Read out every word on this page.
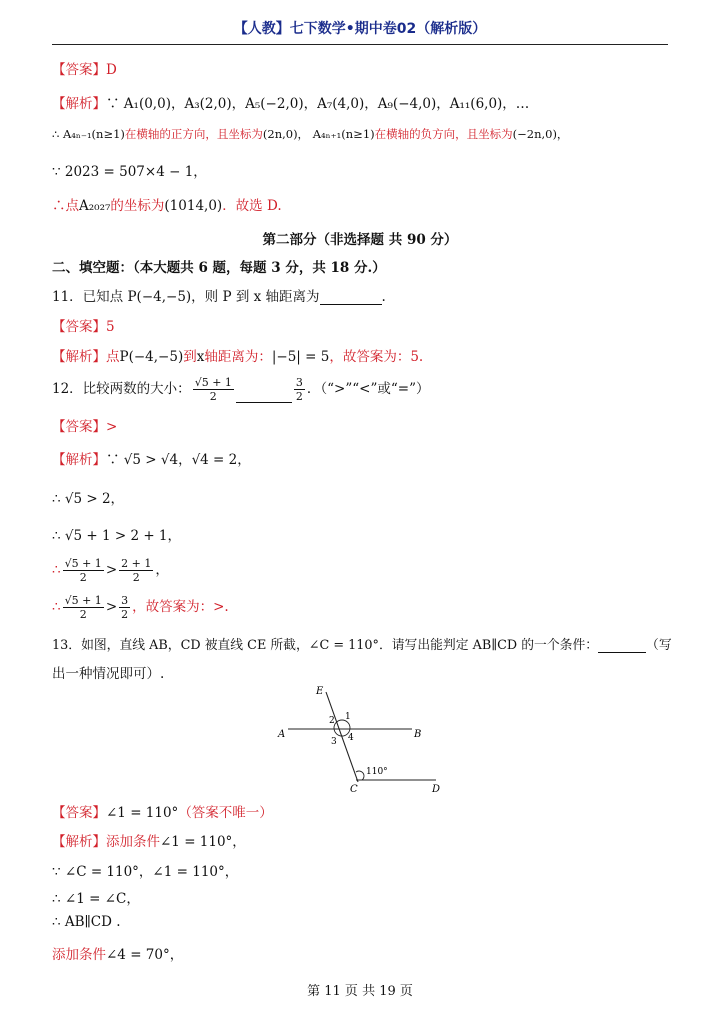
【人教】七下数学•期中卷02（解析版）
【答案】D
【解析】∵ A₁(0,0)，A₃(2,0)，A₅(−2,0)，A₇(4,0)，A₉(−4,0)，A₁₁(6,0)，…
∴ A₄ₙ₋₁(n≥1)在横轴的正方向，且坐标为(2n,0)， A₄ₙ₊₁(n≥1)在横轴的负方向，且坐标为(−2n,0)，
∵ 2023 = 507×4 − 1，
∴点A₂₀₂₇的坐标为(1014,0)．故选 D.
第二部分（非选择题 共 90 分）
二、填空题：（本大题共 6 题，每题 3 分，共 18 分.）
11．已知点 P(−4,−5)，则 P 到 x 轴距离为	.
【答案】5
【解析】点P(−4,−5)到x轴距离为：|−5| = 5，故答案为：5.
12．比较两数的大小： $\frac{√5 + 1}{2}$	$\frac{3}{2}$ ．（“>”“<”或“=”）
【答案】>
【解析】∵ √5 > √4，√4 = 2，
∴ √5 > 2，
∴ √5 + 1 > 2 + 1，
∴ $\frac{√5 + 1}{2} > \frac{2 + 1}{2}$ ，
∴ $\frac{√5 + 1}{2} > \frac{3}{2}$ ，故答案为：>.
13．如图，直线 AB，CD 被直线 CE 所截，∠C = 110°．请写出能判定 AB∥CD 的一个条件：	（写
出一种情况即可）.
E
A	B
C	D
1
2
3 4
110°
【答案】∠1 = 110°（答案不唯一）
【解析】添加条件∠1 = 110°，
∵ ∠C = 110°，∠1 = 110°，
∴ ∠1 = ∠C，
∴ AB∥CD .
添加条件∠4 = 70°，
第 11 页 共 19 页
